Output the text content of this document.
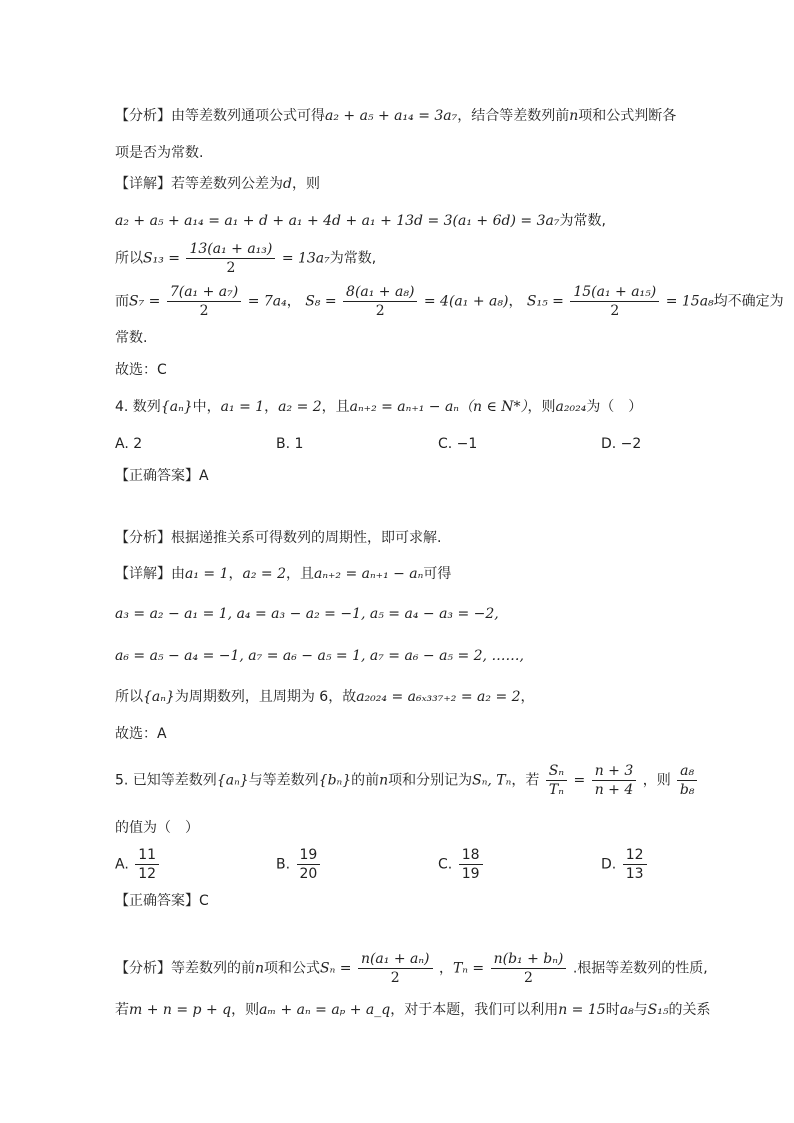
【分析】由等差数列通项公式可得a₂ + a₅ + a₁₄ = 3a₇，结合等差数列前n项和公式判断各
项是否为常数.
【详解】若等差数列公差为d，则
a₂ + a₅ + a₁₄ = a₁ + d + a₁ + 4d + a₁ + 13d = 3(a₁ + 6d) = 3a₇为常数,
所以$S_{13} = \frac{\text{13(a₁ + a₁₃)}}{2} = 13a_7$为常数,
而$S_7 = \frac{\text{7(a₁ + a₇)}}{2} = 7a_4$， $S_8 = \frac{\text{8(a₁ + a₈)}}{2} = 4(a_1 + a_8)$， $S_{15} = \frac{\text{15(a₁ + a₁₅)}}{2} = 15a_8$均不确定为
常数.
故选：C
4. 数列{aₙ}中，a₁ = 1，a₂ = 2，且aₙ₊₂ = aₙ₊₁ − aₙ（n ∈ N*），则a₂₀₂₄为（　）
A. 2	B. 1	C. −1	D. −2
【正确答案】A
【分析】根据递推关系可得数列的周期性，即可求解.
【详解】由a₁ = 1，a₂ = 2，且aₙ₊₂ = aₙ₊₁ − aₙ可得
a₃ = a₂ − a₁ = 1, a₄ = a₃ − a₂ = −1, a₅ = a₄ − a₃ = −2,
a₆ = a₅ − a₄ = −1, a₇ = a₆ − a₅ = 1, a₇ = a₆ − a₅ = 2, ……,
所以{aₙ}为周期数列，且周期为 6，故a₂₀₂₄ = a₆ₓ₃₃₇₊₂ = a₂ = 2，
故选：A
5. 已知等差数列{aₙ}与等差数列{bₙ}的前n项和分别记为Sₙ, Tₙ，若 $\frac{\text{Sₙ}}{\text{Tₙ}} = \frac{n + 3}{n + 4}$ ，则 $\frac{\text{a₈}}{\text{b₈}}$
的值为（　）
A. $\frac{11}{12}$	B. $\frac{19}{20}$	C. $\frac{18}{19}$	D. $\frac{12}{13}$
【正确答案】C
【分析】等差数列的前n项和公式$S_n = \frac{\text{n(a₁ + aₙ)}}{2}$ ，$T_n = \frac{\text{n(b₁ + bₙ)}}{2}$ .根据等差数列的性质,
若m + n = p + q，则aₘ + aₙ = aₚ + a_q，对于本题，我们可以利用n = 15时a₈与S₁₅的关系
